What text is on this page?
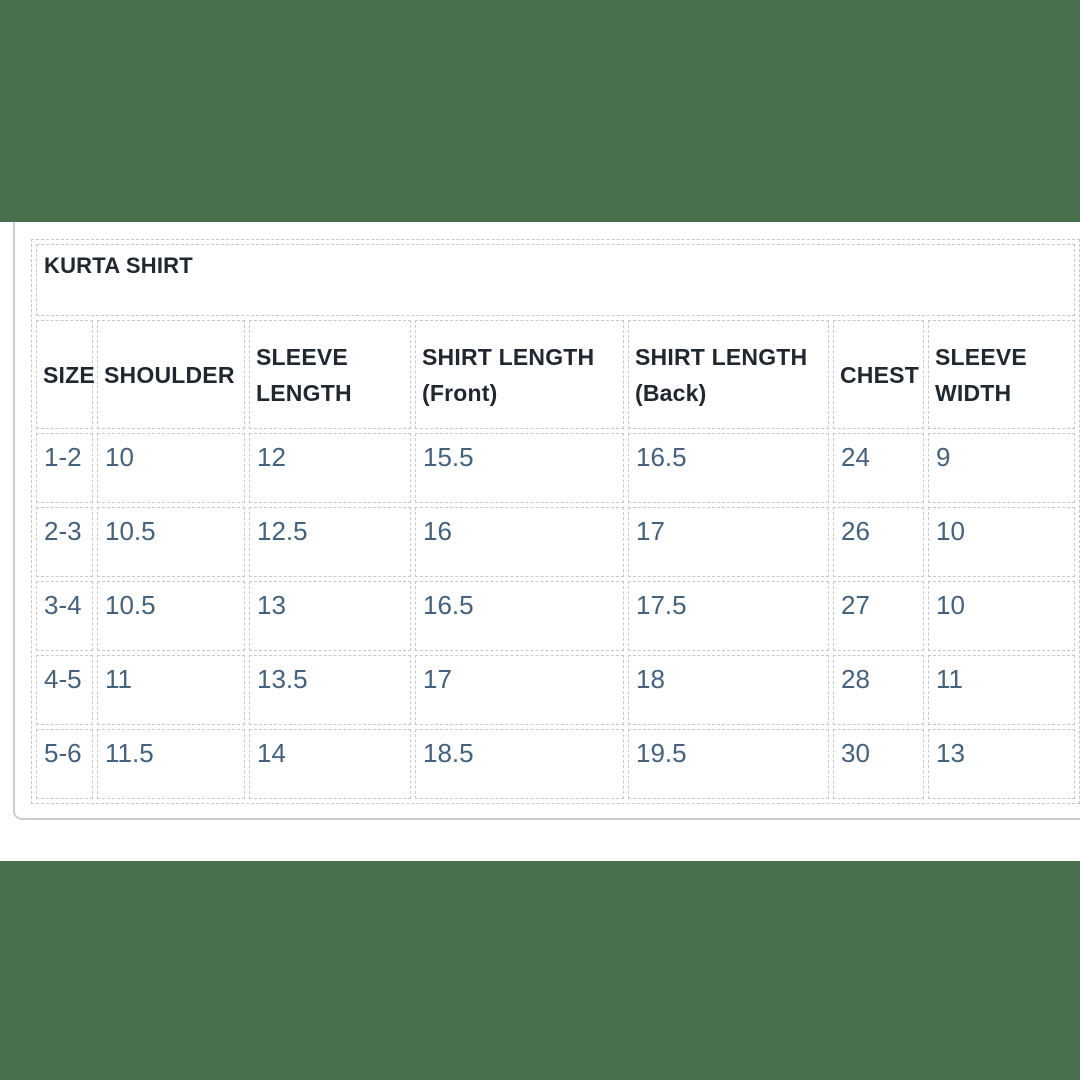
KURTA SHIRT						
SIZE	SHOULDER	SLEEVE LENGTH	SHIRT LENGTH (Front)	SHIRT LENGTH (Back)	CHEST	SLEEVE WIDTH
1-2	10	12	15.5	16.5	24	9
2-3	10.5	12.5	16	17	26	10
3-4	10.5	13	16.5	17.5	27	10
4-5	11	13.5	17	18	28	11
5-6	11.5	14	18.5	19.5	30	13
